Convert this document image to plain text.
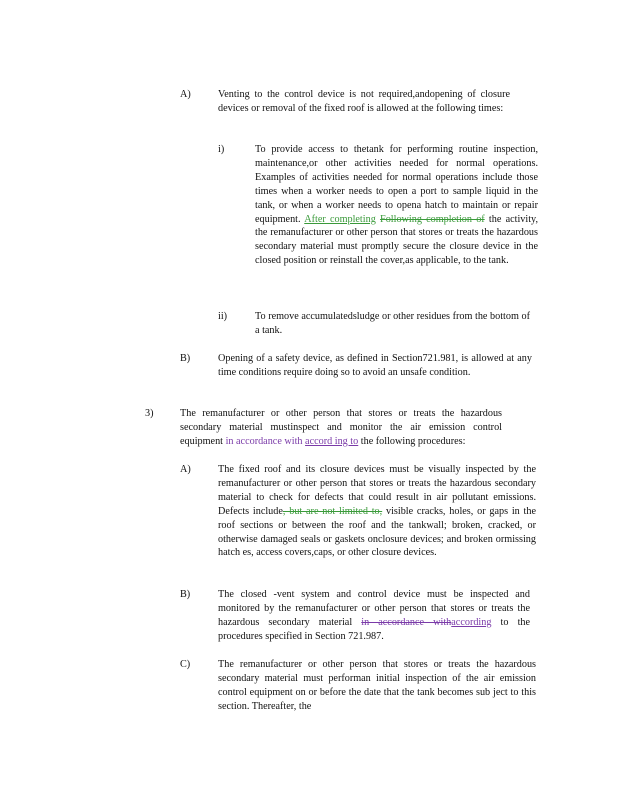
A)	Venting to the control device is not required,andopening of closure devices or removal of the fixed roof is allowed at the following times:

i)	To provide access to thetank for performing routine inspection, maintenance,or other activities needed for normal operations. Examples of activities needed for normal operations include those times when a worker needs to open a port to sample liquid in the tank, or when a worker needs to opena hatch to maintain or repair equipment. After completing Following completion of the activity, the remanufacturer or other person that stores or treats the hazardous secondary material must promptly secure the closure device in the closed position or reinstall the cover,as applicable, to the tank.

ii)	To remove accumulatedsludge or other residues from the bottom of a tank.

B)	Opening of a safety device, as defined in Section721.981, is allowed at any time conditions require doing so to avoid an unsafe condition.

3)	The remanufacturer or other person that stores or treats the hazardous secondary material mustinspect and monitor the air emission control equipment in accordance with accord ing to the following procedures:

A)	The fixed roof and its closure devices must be visually inspected by the remanufacturer or other person that stores or treats the hazardous secondary material to check for defects that could result in air pollutant emissions. Defects include, but are not limited to, visible cracks, holes, or gaps in the roof sections or between the roof and the tankwall; broken, cracked, or otherwise damaged seals or gaskets onclosure devices; and broken ormissing hatch es, access covers,caps, or other closure devices.

B)	The closed -vent system and control device must be inspected and monitored by the remanufacturer or other person that stores or treats the hazardous secondary material in accordance withaccording to the procedures specified in Section 721.987.

C)	The remanufacturer or other person that stores or treats the hazardous secondary material must performan initial inspection of the air emission control equipment on or before the date that the tank becomes sub ject to this section. Thereafter, the
